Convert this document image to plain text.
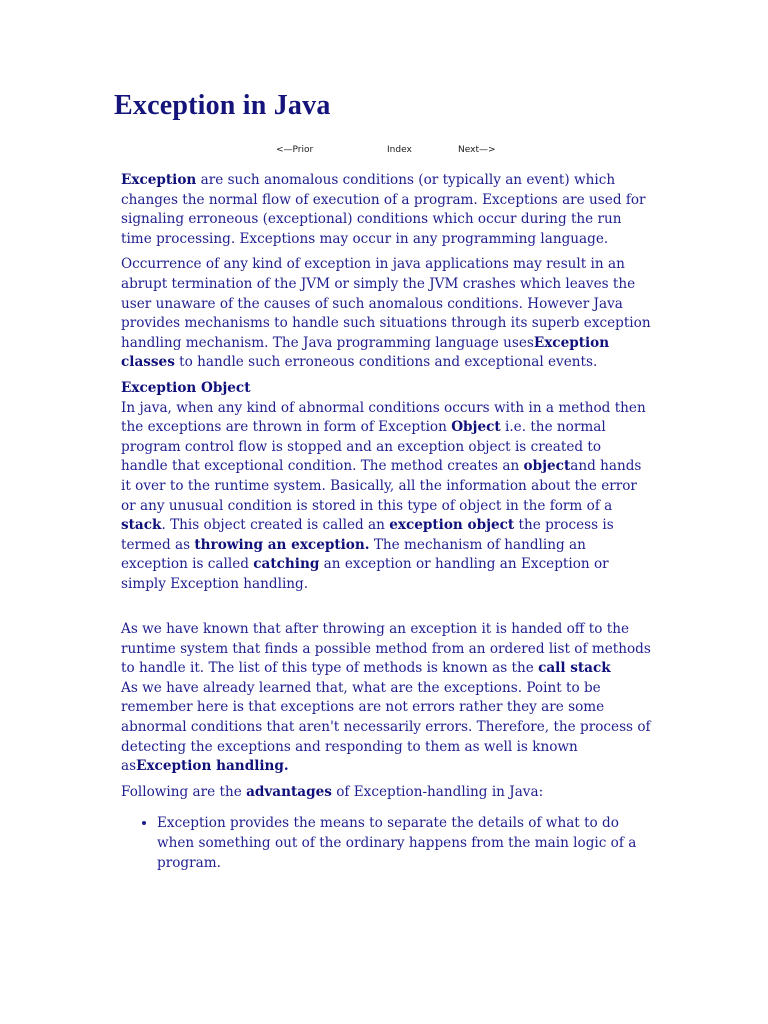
Exception in Java
<—Prior	Index	Next—>

Exception are such anomalous conditions (or typically an event) which changes the normal flow of execution of a program. Exceptions are used for signaling erroneous (exceptional) conditions which occur during the run time processing. Exceptions may occur in any programming language.

Occurrence of any kind of exception in java applications may result in an abrupt termination of the JVM or simply the JVM crashes which leaves the user unaware of the causes of such anomalous conditions. However Java provides mechanisms to handle such situations through its superb exception handling mechanism. The Java programming language usesException classes to handle such erroneous conditions and exceptional events.

Exception Object
In java, when any kind of abnormal conditions occurs with in a method then the exceptions are thrown in form of Exception Object i.e. the normal program control flow is stopped and an exception object is created to handle that exceptional condition. The method creates an objectand hands it over to the runtime system. Basically, all the information about the error or any unusual condition is stored in this type of object in the form of a stack. This object created is called an exception object the process is termed as throwing an exception. The mechanism of handling an exception is called catching an exception or handling an Exception or simply Exception handling.

As we have known that after throwing an exception it is handed off to the runtime system that finds a possible method from an ordered list of methods to handle it. The list of this type of methods is known as the call stack
As we have already learned that, what are the exceptions. Point to be remember here is that exceptions are not errors rather they are some abnormal conditions that aren't necessarily errors. Therefore, the process of detecting the exceptions and responding to them as well is known asException handling.

Following are the advantages of Exception-handling in Java:

• Exception provides the means to separate the details of what to do when something out of the ordinary happens from the main logic of a program.
